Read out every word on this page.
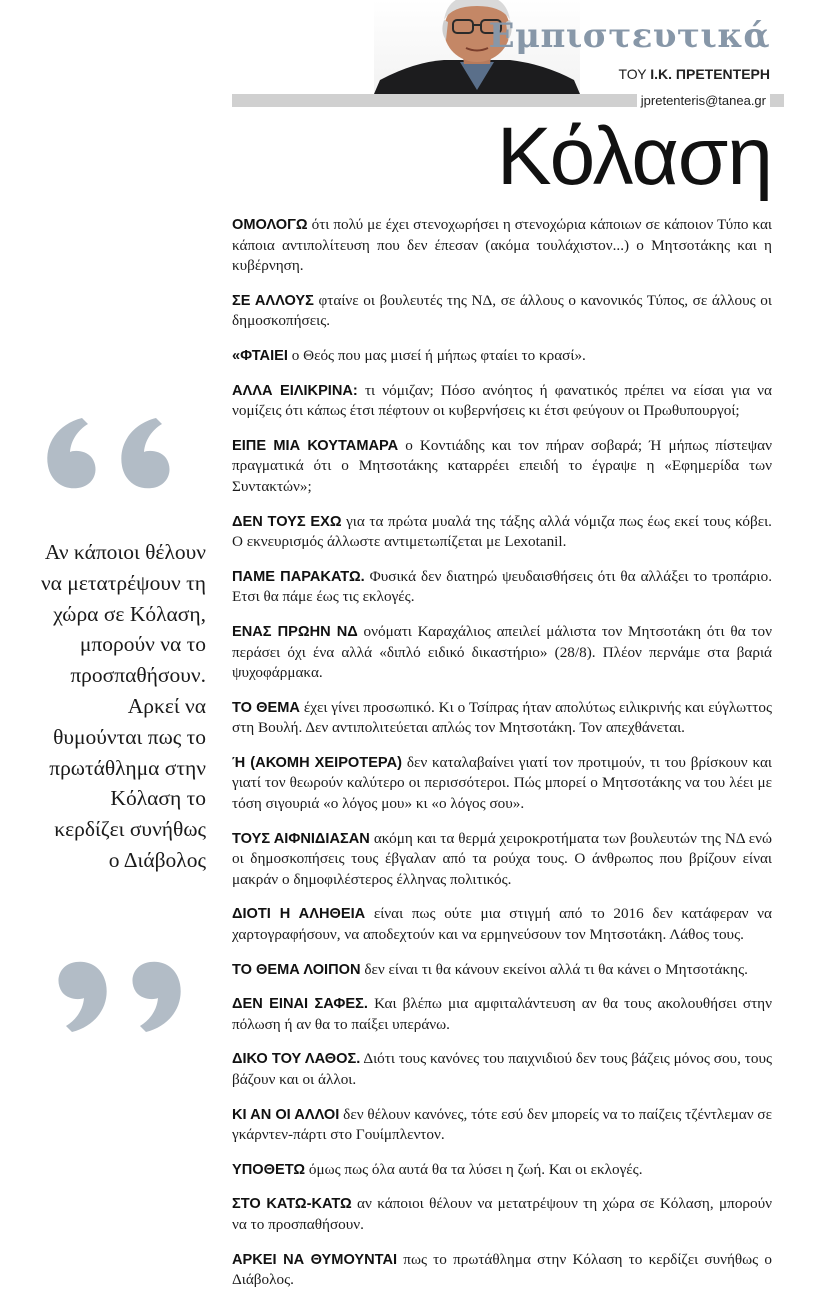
Εμπιστευτικά
ΤΟΥ Ι.Κ. ΠΡΕΤΕΝΤΕΡΗ
jpretenteris@tanea.gr
Κόλαση
Αν κάποιοι θέλουν να μετατρέψουν τη χώρα σε Κόλαση, μπορούν να το προσπαθήσουν. Αρκεί να θυμούνται πως το πρωτάθλημα στην Κόλαση το κερδίζει συνήθως ο Διάβολος

ΟΜΟΛΟΓΩ ότι πολύ με έχει στενοχωρήσει η στενοχώρια κάποιων σε κάποιον Τύπο και κάποια αντιπολίτευση που δεν έπεσαν (ακόμα τουλάχιστον...) ο Μητσοτάκης και η κυβέρνηση.

ΣΕ ΑΛΛΟΥΣ φταίνε οι βουλευτές της ΝΔ, σε άλλους ο κανονικός Τύπος, σε άλλους οι δημοσκοπήσεις.

«ΦΤΑΙΕΙ ο Θεός που μας μισεί ή μήπως φταίει το κρασί».

ΑΛΛΑ ΕΙΛΙΚΡΙΝΑ: τι νόμιζαν; Πόσο ανόητος ή φανατικός πρέπει να είσαι για να νομίζεις ότι κάπως έτσι πέφτουν οι κυβερνήσεις κι έτσι φεύγουν οι Πρωθυπουργοί;

ΕΙΠΕ ΜΙΑ ΚΟΥΤΑΜΑΡΑ ο Κοντιάδης και τον πήραν σοβαρά; Ή μήπως πίστεψαν πραγματικά ότι ο Μητσοτάκης καταρρέει επειδή το έγραψε η «Εφημερίδα των Συντακτών»;

ΔΕΝ ΤΟΥΣ ΕΧΩ για τα πρώτα μυαλά της τάξης αλλά νόμιζα πως έως εκεί τους κόβει. Ο εκνευρισμός άλλωστε αντιμετωπίζεται με Lexotanil.

ΠΑΜΕ ΠΑΡΑΚΑΤΩ. Φυσικά δεν διατηρώ ψευδαισθήσεις ότι θα αλλάξει το τροπάριο. Ετσι θα πάμε έως τις εκλογές.

ΕΝΑΣ ΠΡΩΗΝ ΝΔ ονόματι Καραχάλιος απειλεί μάλιστα τον Μητσοτάκη ότι θα τον περάσει όχι ένα αλλά «διπλό ειδικό δικαστήριο» (28/8). Πλέον περνάμε στα βαριά ψυχοφάρμακα.

ΤΟ ΘΕΜΑ έχει γίνει προσωπικό. Κι ο Τσίπρας ήταν απολύτως ειλικρινής και εύγλωττος στη Βουλή. Δεν αντιπολιτεύεται απλώς τον Μητσοτάκη. Τον απεχθάνεται.

Ή (ΑΚΟΜΗ ΧΕΙΡΟΤΕΡΑ) δεν καταλαβαίνει γιατί τον προτιμούν, τι του βρίσκουν και γιατί τον θεωρούν καλύτερο οι περισσότεροι. Πώς μπορεί ο Μητσοτάκης να του λέει με τόση σιγουριά «ο λόγος μου» κι «ο λόγος σου».

ΤΟΥΣ ΑΙΦΝΙΔΙΑΣΑΝ ακόμη και τα θερμά χειροκροτήματα των βουλευτών της ΝΔ ενώ οι δημοσκοπήσεις τους έβγαλαν από τα ρούχα τους. Ο άνθρωπος που βρίζουν είναι μακράν ο δημοφιλέστερος έλληνας πολιτικός.

ΔΙΟΤΙ Η ΑΛΗΘΕΙΑ είναι πως ούτε μια στιγμή από το 2016 δεν κατάφεραν να χαρτογραφήσουν, να αποδεχτούν και να ερμηνεύσουν τον Μητσοτάκη. Λάθος τους.

ΤΟ ΘΕΜΑ ΛΟΙΠΟΝ δεν είναι τι θα κάνουν εκείνοι αλλά τι θα κάνει ο Μητσοτάκης.

ΔΕΝ ΕΙΝΑΙ ΣΑΦΕΣ. Και βλέπω μια αμφιταλάντευση αν θα τους ακολουθήσει στην πόλωση ή αν θα το παίξει υπεράνω.

ΔΙΚΟ ΤΟΥ ΛΑΘΟΣ. Διότι τους κανόνες του παιχνιδιού δεν τους βάζεις μόνος σου, τους βάζουν και οι άλλοι.

ΚΙ ΑΝ ΟΙ ΑΛΛΟΙ δεν θέλουν κανόνες, τότε εσύ δεν μπορείς να το παίζεις τζέντλεμαν σε γκάρντεν-πάρτι στο Γουίμπλεντον.

ΥΠΟΘΕΤΩ όμως πως όλα αυτά θα τα λύσει η ζωή. Και οι εκλογές.

ΣΤΟ ΚΑΤΩ-ΚΑΤΩ αν κάποιοι θέλουν να μετατρέψουν τη χώρα σε Κόλαση, μπορούν να το προσπαθήσουν.

ΑΡΚΕΙ ΝΑ ΘΥΜΟΥΝΤΑΙ πως το πρωτάθλημα στην Κόλαση το κερδίζει συνήθως ο Διάβολος.
